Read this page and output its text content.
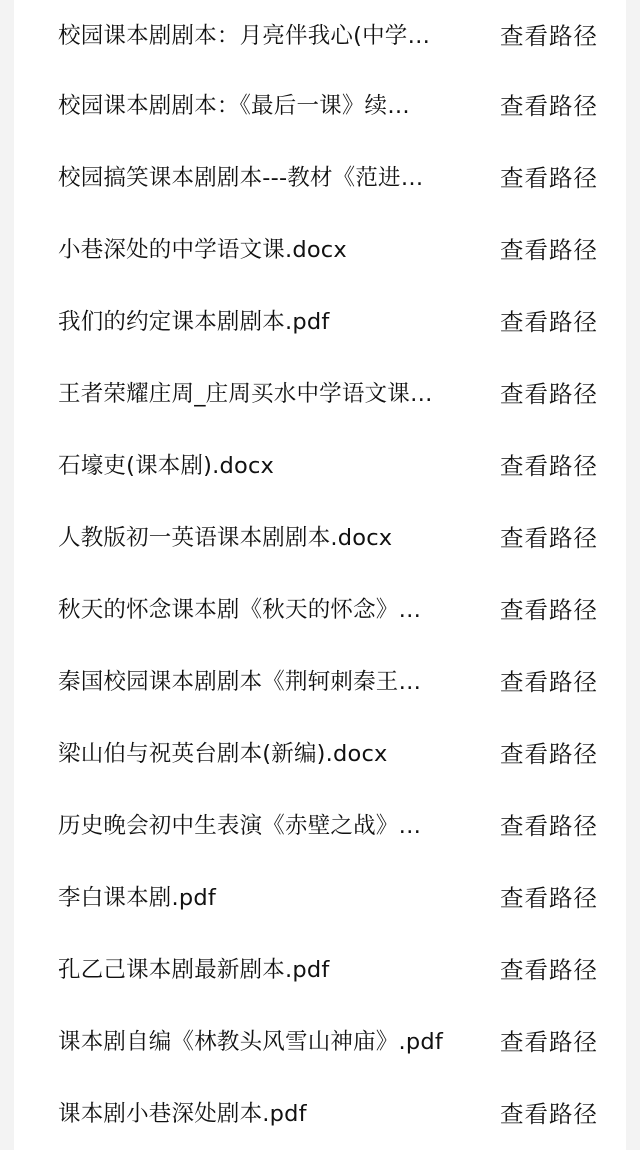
校园课本剧剧本：月亮伴我心(中学…	查看路径
校园课本剧剧本：《最后一课》续…	查看路径
校园搞笑课本剧剧本---教材《范进…	查看路径
小巷深处的中学语文课.docx	查看路径
我们的约定课本剧剧本.pdf	查看路径
王者荣耀庄周_庄周买水中学语文课…	查看路径
石壕吏(课本剧).docx	查看路径
人教版初一英语课本剧剧本.docx	查看路径
秋天的怀念课本剧《秋天的怀念》…	查看路径
秦国校园课本剧剧本《荆轲刺秦王…	查看路径
梁山伯与祝英台剧本(新编).docx	查看路径
历史晚会初中生表演《赤壁之战》…	查看路径
李白课本剧.pdf	查看路径
孔乙己课本剧最新剧本.pdf	查看路径
课本剧自编《林教头风雪山神庙》.pdf	查看路径
课本剧小巷深处剧本.pdf	查看路径
